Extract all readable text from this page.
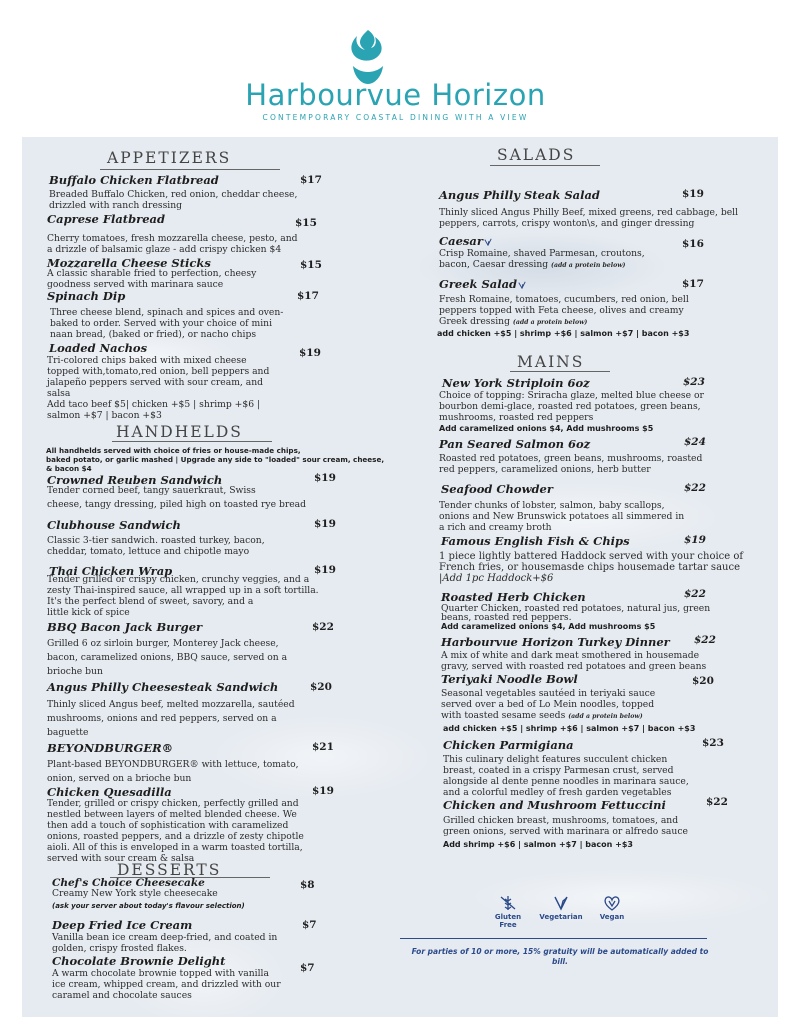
Harbourvue Horizon
CONTEMPORARY COASTAL DINING WITH A VIEW
APPETIZERS
Buffalo Chicken Flatbread	$17
Breaded Buffalo Chicken, red onion, cheddar cheese,
drizzled with ranch dressing
Caprese Flatbread	$15
Cherry tomatoes, fresh mozzarella cheese, pesto, and
a drizzle of balsamic glaze - add crispy chicken $4
Mozzarella Cheese Sticks	$15
A classic sharable fried to perfection, cheesy
goodness served with marinara sauce
Spinach Dip	$17
Three cheese blend, spinach and spices and oven-
baked to order. Served with your choice of mini
naan bread, (baked or fried), or nacho chips
Loaded Nachos	$19
Tri-colored chips baked with mixed cheese
topped with,tomato,red onion, bell peppers and
jalapeño peppers served with sour cream, and
salsa
Add taco beef $5| chicken +$5 | shrimp +$6 |
salmon +$7 | bacon +$3
HANDHELDS
All handhelds served with choice of fries or house-made chips,
baked potato, or garlic mashed | Upgrade any side to "loaded" sour cream, cheese,
& bacon $4
Crowned Reuben Sandwich	$19
Tender corned beef, tangy sauerkraut, Swiss
cheese, tangy dressing, piled high on toasted rye bread
Clubhouse Sandwich	$19
Classic 3-tier sandwich. roasted turkey, bacon,
cheddar, tomato, lettuce and chipotle mayo
Thai Chicken Wrap	$19
Tender grilled or crispy chicken, crunchy veggies, and a
zesty Thai-inspired sauce, all wrapped up in a soft tortilla.
It's the perfect blend of sweet, savory, and a
little kick of spice
BBQ Bacon Jack Burger	$22
Grilled 6 oz sirloin burger, Monterey Jack cheese,
bacon, caramelized onions, BBQ sauce, served on a
brioche bun
Angus Philly Cheesesteak Sandwich	$20
Thinly sliced Angus beef, melted mozzarella, sautéed
mushrooms, onions and red peppers, served on a
baguette
BEYONDBURGER®	$21
Plant-based BEYONDBURGER® with lettuce, tomato,
onion, served on a brioche bun
Chicken Quesadilla	$19
Tender, grilled or crispy chicken, perfectly grilled and
nestled between layers of melted blended cheese. We
then add a touch of sophistication with caramelized
onions, roasted peppers, and a drizzle of zesty chipotle
aioli. All of this is enveloped in a warm toasted tortilla,
served with sour cream & salsa
DESSERTS
Chef's Choice Cheesecake	$8
Creamy New York style cheesecake
(ask your server about today's flavour selection)
Deep Fried Ice Cream	$7
Vanilla bean ice cream deep-fried, and coated in
golden, crispy frosted flakes.
Chocolate Brownie Delight	$7
A warm chocolate brownie topped with vanilla
ice cream, whipped cream, and drizzled with our
caramel and chocolate sauces
SALADS
Angus Philly Steak Salad	$19
Thinly sliced Angus Philly Beef, mixed greens, red cabbage, bell
peppers, carrots, crispy wonton\s, and ginger dressing
Caesar	$16
Crisp Romaine, shaved Parmesan, croutons,
bacon, Caesar dressing (add a protein below)
Greek Salad	$17
Fresh Romaine, tomatoes, cucumbers, red onion, bell
peppers topped with Feta cheese, olives and creamy
Greek dressing (add a protein below)
add chicken +$5 | shrimp +$6 | salmon +$7 | bacon +$3
MAINS
New York Striploin 6oz	$23
Choice of topping: Sriracha glaze, melted blue cheese or
bourbon demi-glace, roasted red potatoes, green beans,
mushrooms, roasted red peppers
Add caramelized onions $4, Add mushrooms $5
Pan Seared Salmon 6oz	$24
Roasted red potatoes, green beans, mushrooms, roasted
red peppers, caramelized onions, herb butter
Seafood Chowder	$22
Tender chunks of lobster, salmon, baby scallops,
onions and New Brunswick potatoes all simmered in
a rich and creamy broth
Famous English Fish & Chips	$19
1 piece lightly battered Haddock served with your choice of
French fries, or housemasde chips housemade tartar sauce
|Add 1pc Haddock+$6
Roasted Herb Chicken	$22
Quarter Chicken, roasted red potatoes, natural jus, green
beans, roasted red peppers.
Add caramelized onions $4, Add mushrooms $5
Harbourvue Horizon Turkey Dinner $22
A mix of white and dark meat smothered in housemade
gravy, served with roasted red potatoes and green beans
Teriyaki Noodle Bowl	$20
Seasonal vegetables sautéed in teriyaki sauce
served over a bed of Lo Mein noodles, topped
with toasted sesame seeds (add a protein below)
add chicken +$5 | shrimp +$6 | salmon +$7 | bacon +$3
Chicken Parmigiana	$23
This culinary delight features succulent chicken
breast, coated in a crispy Parmesan crust, served
alongside al dente penne noodles in marinara sauce,
and a colorful medley of fresh garden vegetables
Chicken and Mushroom Fettuccini	$22
Grilled chicken breast, mushrooms, tomatoes, and
green onions, served with marinara or alfredo sauce
Add shrimp +$6 | salmon +$7 | bacon +$3
Gluten Free
Vegetarian	Vegan
For parties of 10 or more, 15% gratuity will be automatically added to bill.
